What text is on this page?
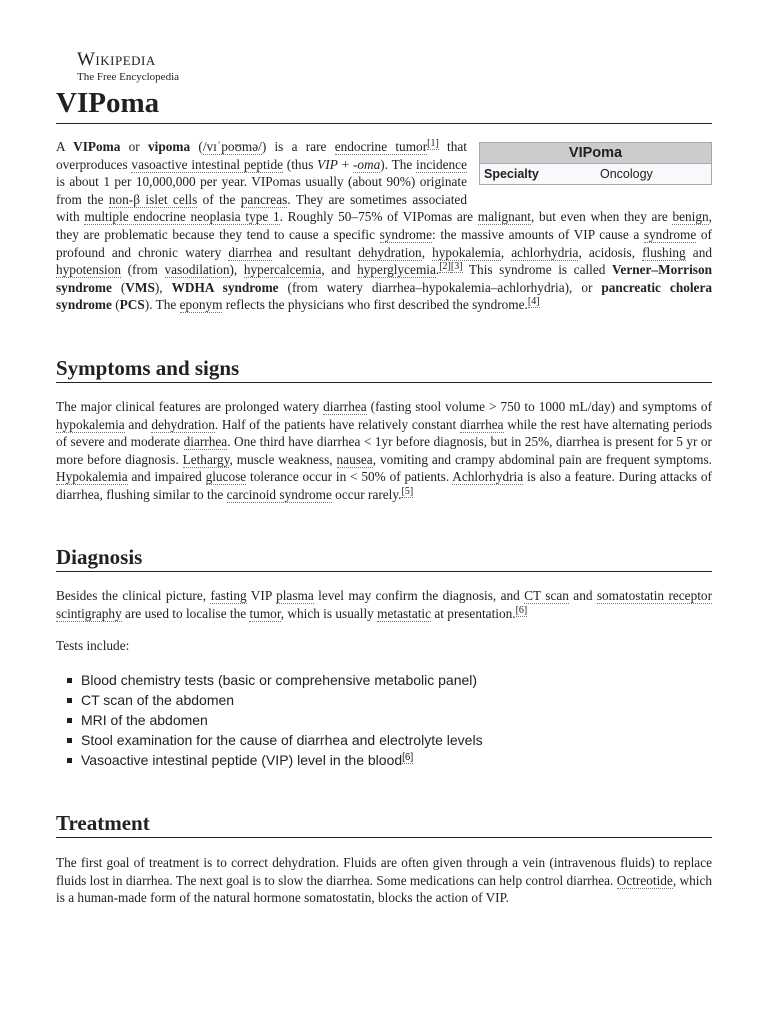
Wikipedia
The Free Encyclopedia
VIPoma
VIPoma
Specialty	Oncology

A VIPoma or vipoma (/vɪˈpoʊmə/) is a rare endocrine tumor[1] that overproduces vasoactive intestinal peptide (thus VIP + -oma). The incidence is about 1 per 10,000,000 per year. VIPomas usually (about 90%) originate from the non-β islet cells of the pancreas. They are sometimes associated with multiple endocrine neoplasia type 1. Roughly 50–75% of VIPomas are malignant, but even when they are benign, they are problematic because they tend to cause a specific syndrome: the massive amounts of VIP cause a syndrome of profound and chronic watery diarrhea and resultant dehydration, hypokalemia, achlorhydria, acidosis, flushing and hypotension (from vasodilation), hypercalcemia, and hyperglycemia.[2][3] This syndrome is called Verner–Morrison syndrome (VMS), WDHA syndrome (from watery diarrhea–hypokalemia–achlorhydria), or pancreatic cholera syndrome (PCS). The eponym reflects the physicians who first described the syndrome.[4]

Symptoms and signs

The major clinical features are prolonged watery diarrhea (fasting stool volume > 750 to 1000 mL/day) and symptoms of hypokalemia and dehydration. Half of the patients have relatively constant diarrhea while the rest have alternating periods of severe and moderate diarrhea. One third have diarrhea < 1yr before diagnosis, but in 25%, diarrhea is present for 5 yr or more before diagnosis. Lethargy, muscle weakness, nausea, vomiting and crampy abdominal pain are frequent symptoms. Hypokalemia and impaired glucose tolerance occur in < 50% of patients. Achlorhydria is also a feature. During attacks of diarrhea, flushing similar to the carcinoid syndrome occur rarely.[5]

Diagnosis

Besides the clinical picture, fasting VIP plasma level may confirm the diagnosis, and CT scan and somatostatin receptor scintigraphy are used to localise the tumor, which is usually metastatic at presentation.[6]

Tests include:

Blood chemistry tests (basic or comprehensive metabolic panel)
CT scan of the abdomen
MRI of the abdomen
Stool examination for the cause of diarrhea and electrolyte levels
Vasoactive intestinal peptide (VIP) level in the blood[6]
Treatment

The first goal of treatment is to correct dehydration. Fluids are often given through a vein (intravenous fluids) to replace fluids lost in diarrhea. The next goal is to slow the diarrhea. Some medications can help control diarrhea. Octreotide, which is a human-made form of the natural hormone somatostatin, blocks the action of VIP.
